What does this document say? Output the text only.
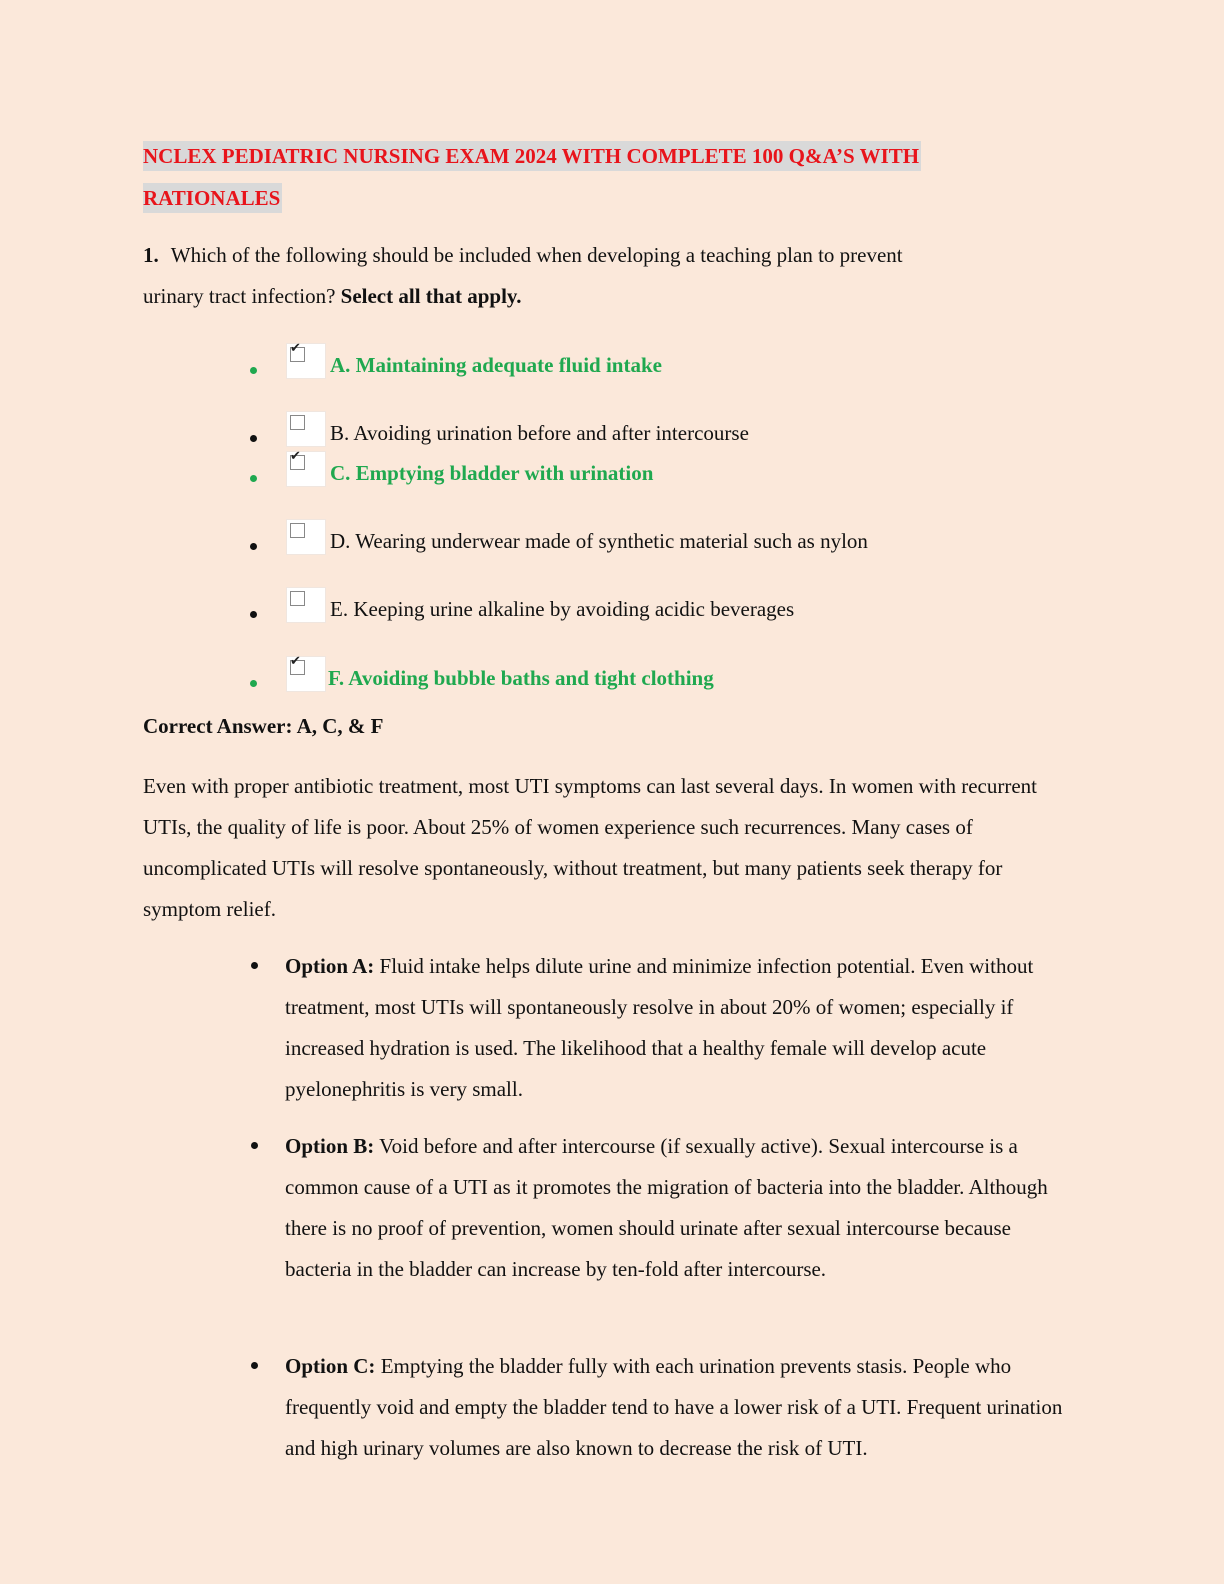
NCLEX PEDIATRIC NURSING EXAM 2024 WITH COMPLETE 100 Q&A’S WITH
RATIONALES
1. Which of the following should be included when developing a teaching plan to prevent
urinary tract infection? Select all that apply.
✔
A. Maintaining adequate fluid intake
B. Avoiding urination before and after intercourse
✔
C. Emptying bladder with urination
D. Wearing underwear made of synthetic material such as nylon
E. Keeping urine alkaline by avoiding acidic beverages
✔
F. Avoiding bubble baths and tight clothing
Correct Answer: A, C, & F

Even with proper antibiotic treatment, most UTI symptoms can last several days. In women with recurrent UTIs, the quality of life is poor. About 25% of women experience such recurrences. Many cases of uncomplicated UTIs will resolve spontaneously, without treatment, but many patients seek therapy for symptom relief.

Option A: Fluid intake helps dilute urine and minimize infection potential. Even without treatment, most UTIs will spontaneously resolve in about 20% of women; especially if increased hydration is used. The likelihood that a healthy female will develop acute pyelonephritis is very small.
Option B: Void before and after intercourse (if sexually active). Sexual intercourse is a common cause of a UTI as it promotes the migration of bacteria into the bladder. Although there is no proof of prevention, women should urinate after sexual intercourse because bacteria in the bladder can increase by ten-fold after intercourse.
Option C: Emptying the bladder fully with each urination prevents stasis. People who frequently void and empty the bladder tend to have a lower risk of a UTI. Frequent urination and high urinary volumes are also known to decrease the risk of UTI.
